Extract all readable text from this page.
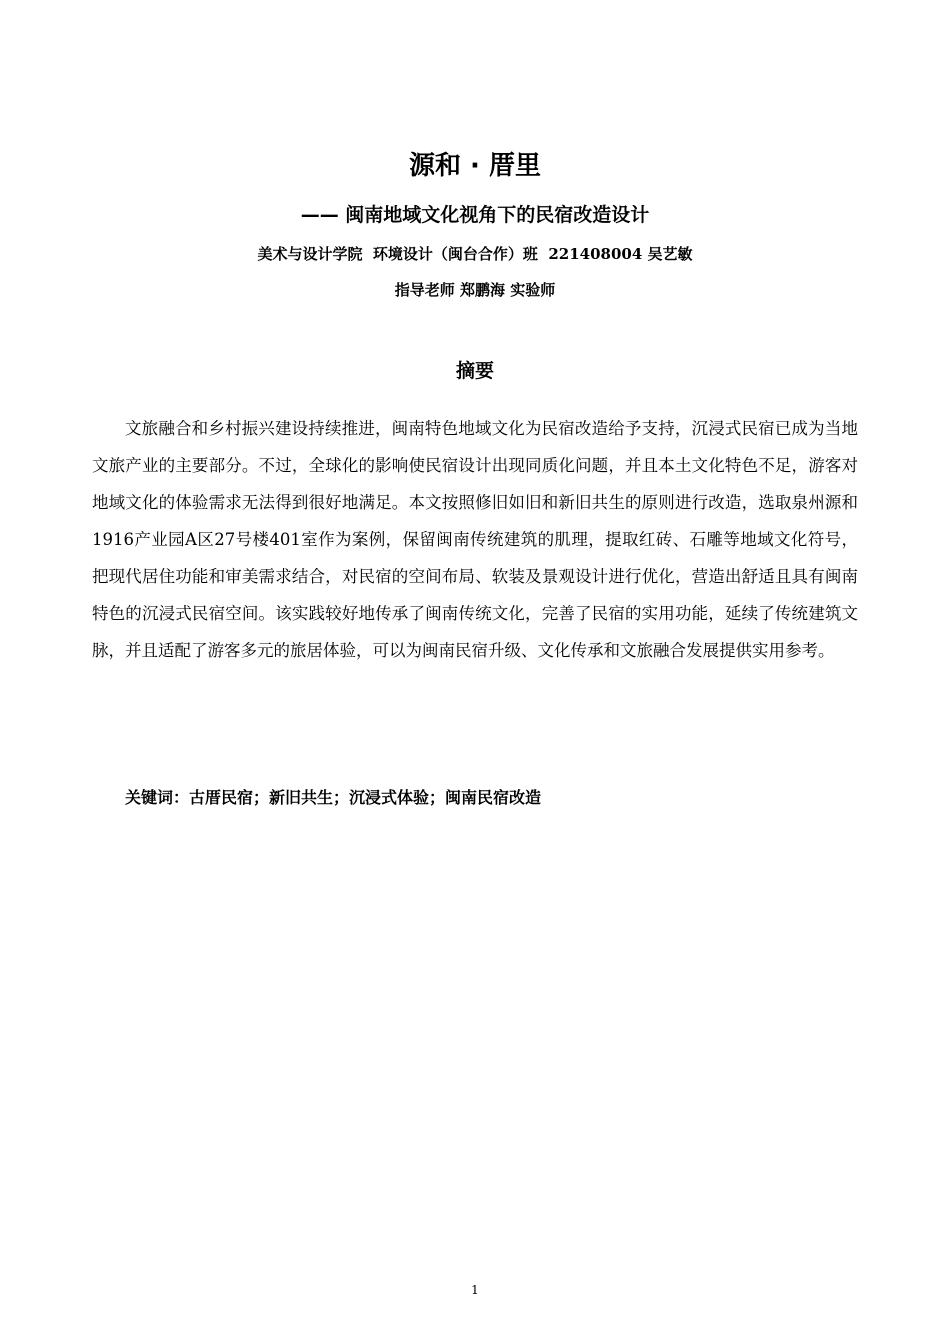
源和 · 厝里
—— 闽南地域文化视角下的民宿改造设计
美术与设计学院  环境设计（闽台合作）班  221408004 吴艺敏
指导老师 郑鹏海 实验师
摘要

文旅融合和乡村振兴建设持续推进，闽南特色地域文化为民宿改造给予支持，沉浸式民宿已成为当地文旅产业的主要部分。不过，全球化的影响使民宿设计出现同质化问题，并且本土文化特色不足，游客对地域文化的体验需求无法得到很好地满足。本文按照修旧如旧和新旧共生的原则进行改造，选取泉州源和1916产业园A区27号楼401室作为案例，保留闽南传统建筑的肌理，提取红砖、石雕等地域文化符号，把现代居住功能和审美需求结合，对民宿的空间布局、软装及景观设计进行优化，营造出舒适且具有闽南特色的沉浸式民宿空间。该实践较好地传承了闽南传统文化，完善了民宿的实用功能，延续了传统建筑文脉，并且适配了游客多元的旅居体验，可以为闽南民宿升级、文化传承和文旅融合发展提供实用参考。

关键词：古厝民宿；新旧共生；沉浸式体验；闽南民宿改造
1
